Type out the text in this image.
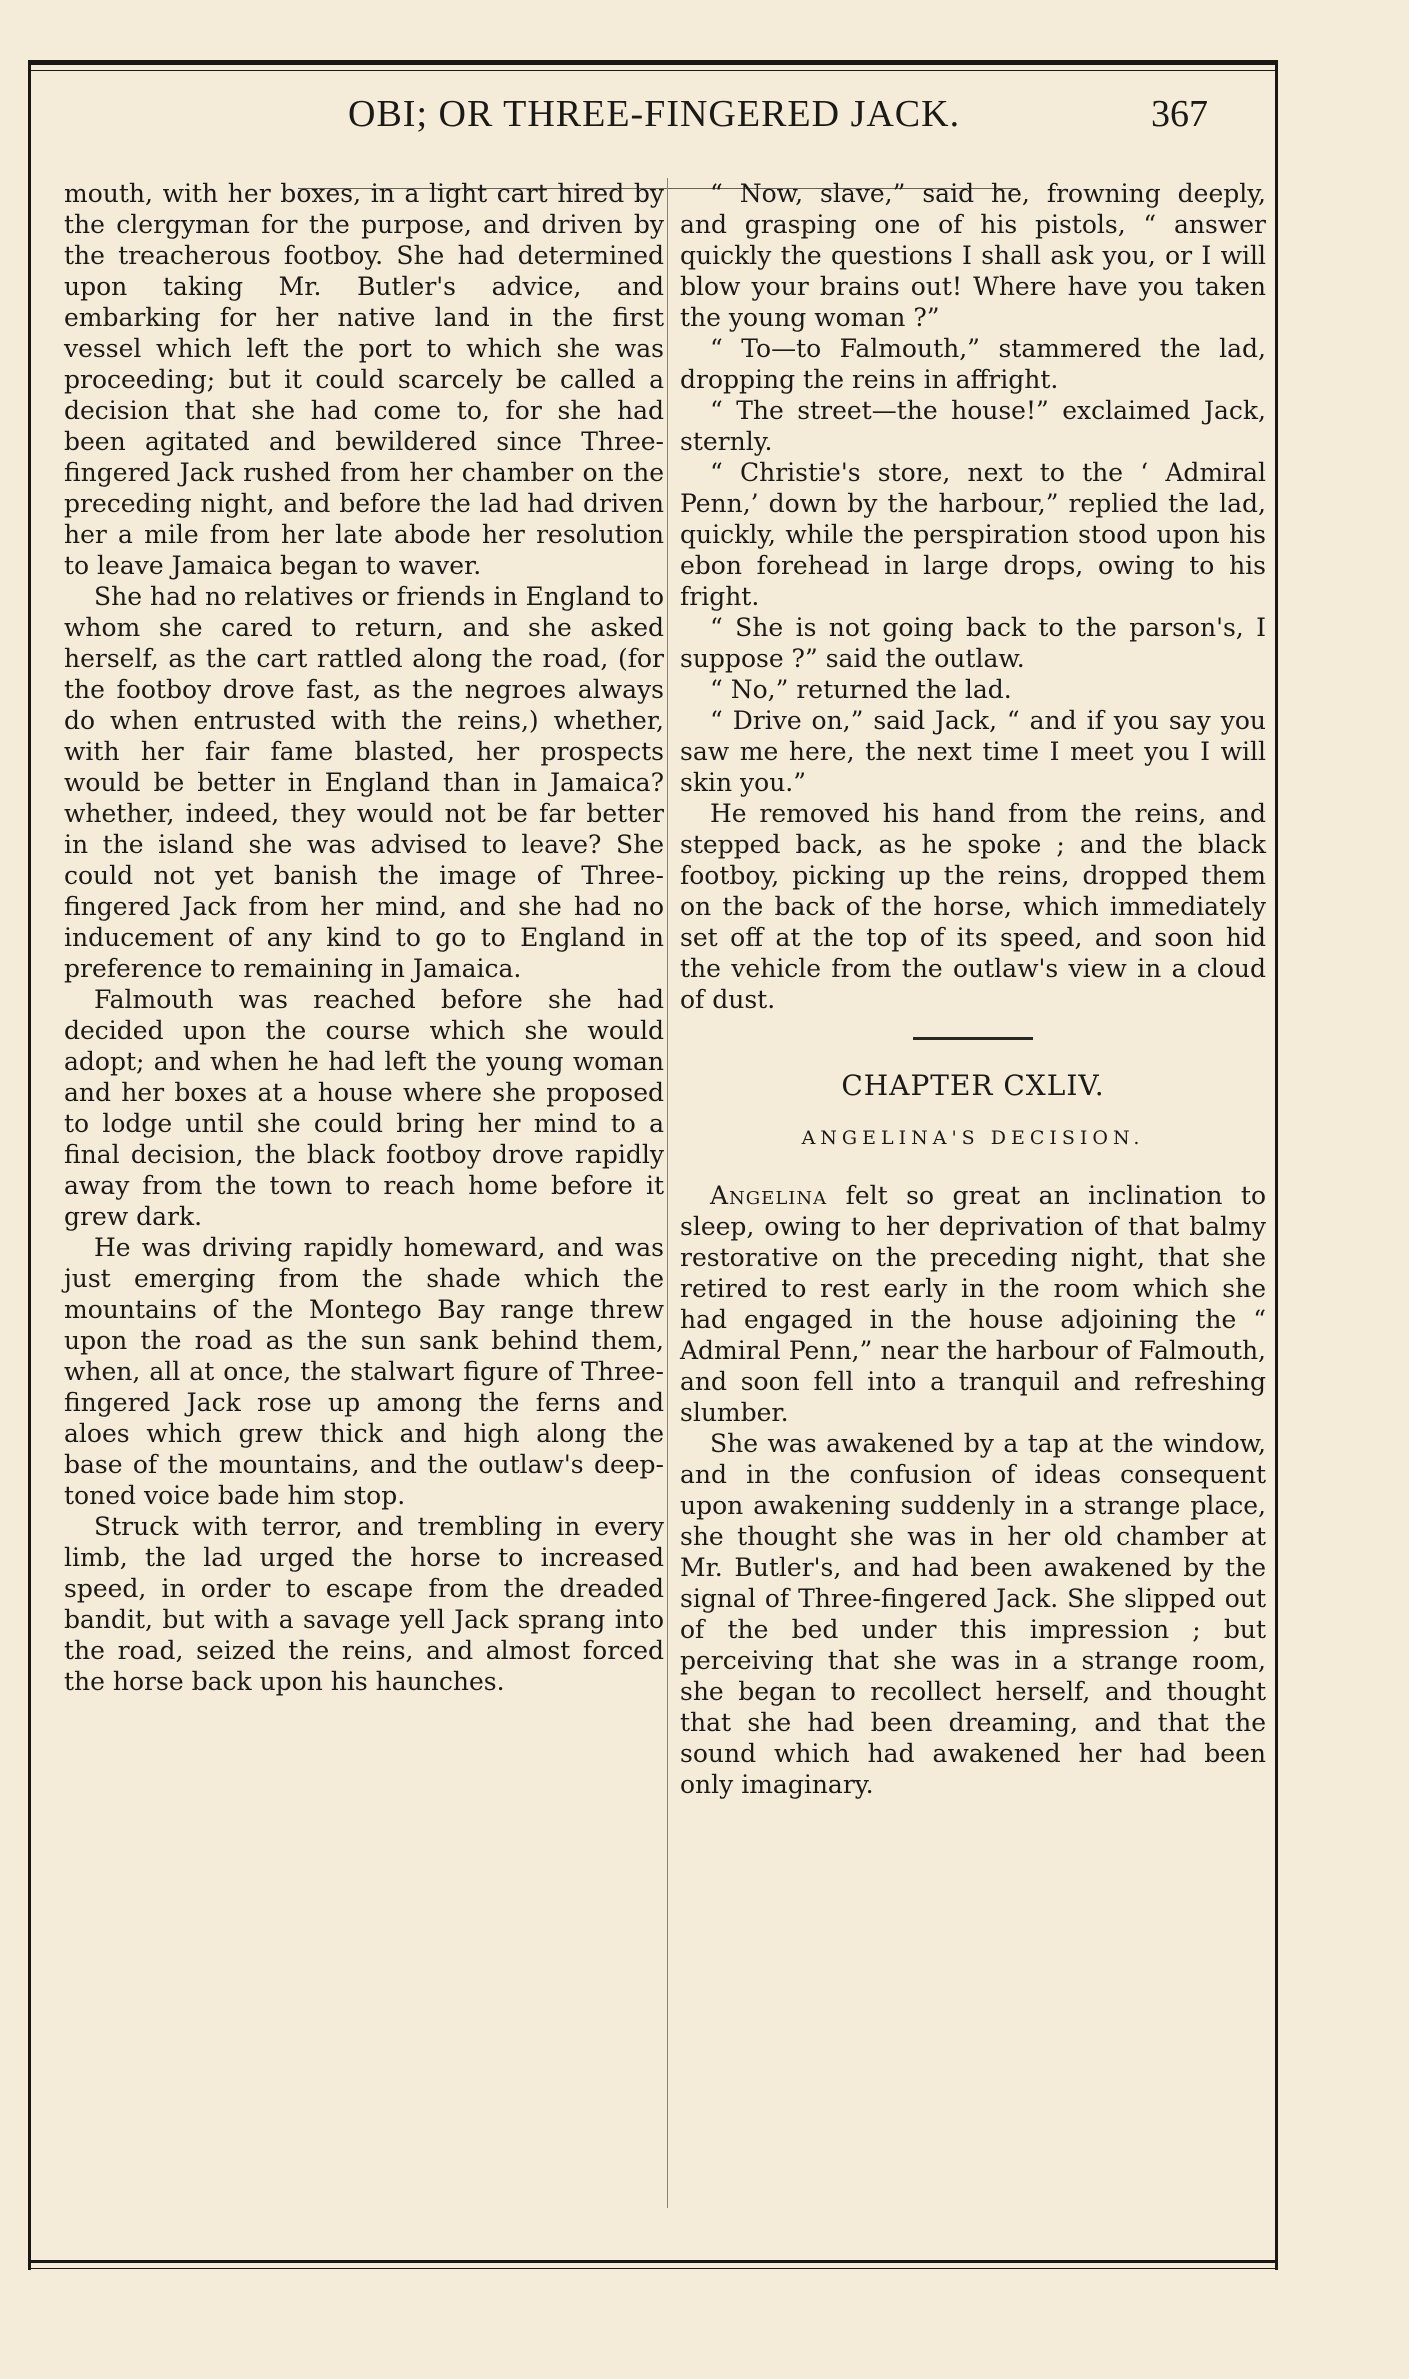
OBI; OR THREE-FINGERED JACK.	367

mouth, with her boxes, in a light cart hired by the clergyman for the purpose, and driven by the treacherous footboy. She had determined upon taking Mr. Butler's advice, and embarking for her native land in the first vessel which left the port to which she was proceeding; but it could scarcely be called a decision that she had come to, for she had been agitated and bewildered since Three-fingered Jack rushed from her chamber on the preceding night, and before the lad had driven her a mile from her late abode her resolution to leave Jamaica began to waver.

She had no relatives or friends in England to whom she cared to return, and she asked herself, as the cart rattled along the road, (for the footboy drove fast, as the negroes always do when entrusted with the reins,) whether, with her fair fame blasted, her prospects would be better in England than in Jamaica? whether, indeed, they would not be far better in the island she was advised to leave? She could not yet banish the image of Three-fingered Jack from her mind, and she had no inducement of any kind to go to England in preference to remaining in Jamaica.

Falmouth was reached before she had decided upon the course which she would adopt; and when he had left the young woman and her boxes at a house where she proposed to lodge until she could bring her mind to a final decision, the black footboy drove rapidly away from the town to reach home before it grew dark.

He was driving rapidly homeward, and was just emerging from the shade which the mountains of the Montego Bay range threw upon the road as the sun sank behind them, when, all at once, the stalwart figure of Three-fingered Jack rose up among the ferns and aloes which grew thick and high along the base of the mountains, and the outlaw's deep-toned voice bade him stop.

Struck with terror, and trembling in every limb, the lad urged the horse to increased speed, in order to escape from the dreaded bandit, but with a savage yell Jack sprang into the road, seized the reins, and almost forced the horse back upon his haunches.

“ Now, slave,” said he, frowning deeply, and grasping one of his pistols, “ answer quickly the questions I shall ask you, or I will blow your brains out! Where have you taken the young woman ?”

“ To—to Falmouth,” stammered the lad, dropping the reins in affright.

“ The street—the house!” exclaimed Jack, sternly.

“ Christie's store, next to the ‘ Admiral Penn,’ down by the harbour,” replied the lad, quickly, while the perspiration stood upon his ebon forehead in large drops, owing to his fright.

“ She is not going back to the parson's, I suppose ?” said the outlaw.

“ No,” returned the lad.

“ Drive on,” said Jack, “ and if you say you saw me here, the next time I meet you I will skin you.”

He removed his hand from the reins, and stepped back, as he spoke ; and the black footboy, picking up the reins, dropped them on the back of the horse, which immediately set off at the top of its speed, and soon hid the vehicle from the outlaw's view in a cloud of dust.

CHAPTER CXLIV.
ANGELINA'S DECISION.

Angelina felt so great an inclination to sleep, owing to her deprivation of that balmy restorative on the preceding night, that she retired to rest early in the room which she had engaged in the house adjoining the “ Admiral Penn,” near the harbour of Falmouth, and soon fell into a tranquil and refreshing slumber.

She was awakened by a tap at the window, and in the confusion of ideas consequent upon awakening suddenly in a strange place, she thought she was in her old chamber at Mr. Butler's, and had been awakened by the signal of Three-fingered Jack. She slipped out of the bed under this impression ; but perceiving that she was in a strange room, she began to recollect herself, and thought that she had been dreaming, and that the sound which had awakened her had been only imaginary.
